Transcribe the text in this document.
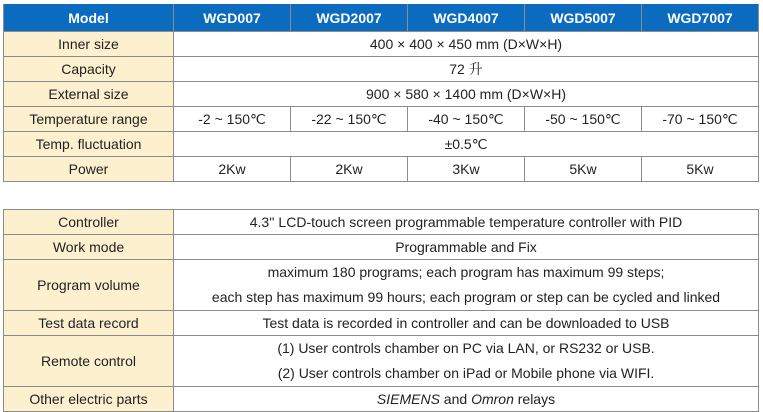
Model	WGD007	WGD2007	WGD4007	WGD5007	WGD7007
Inner size	400 × 400 × 450 mm (D×W×H)				
Capacity	72 升				
External size	900 × 580 × 1400 mm (D×W×H)				
Temperature range	-2 ~ 150℃	-22 ~ 150℃	-40 ~ 150℃	-50 ~ 150℃	-70 ~ 150℃
Temp. fluctuation	±0.5℃				
Power	2Kw	2Kw	3Kw	5Kw	5Kw
Controller	4.3'' LCD-touch screen programmable temperature controller with PID
Work mode	Programmable and Fix
Program volume	maximum 180 programs; each program has maximum 99 steps;
each step has maximum 99 hours; each program or step can be cycled and linked

Test data record	Test data is recorded in controller and can be downloaded to USB
Remote control	(1) User controls chamber on PC via LAN, or RS232 or USB.
(2) User controls chamber on iPad or Mobile phone via WIFI.

Other electric parts	SIEMENS and Omron relays
